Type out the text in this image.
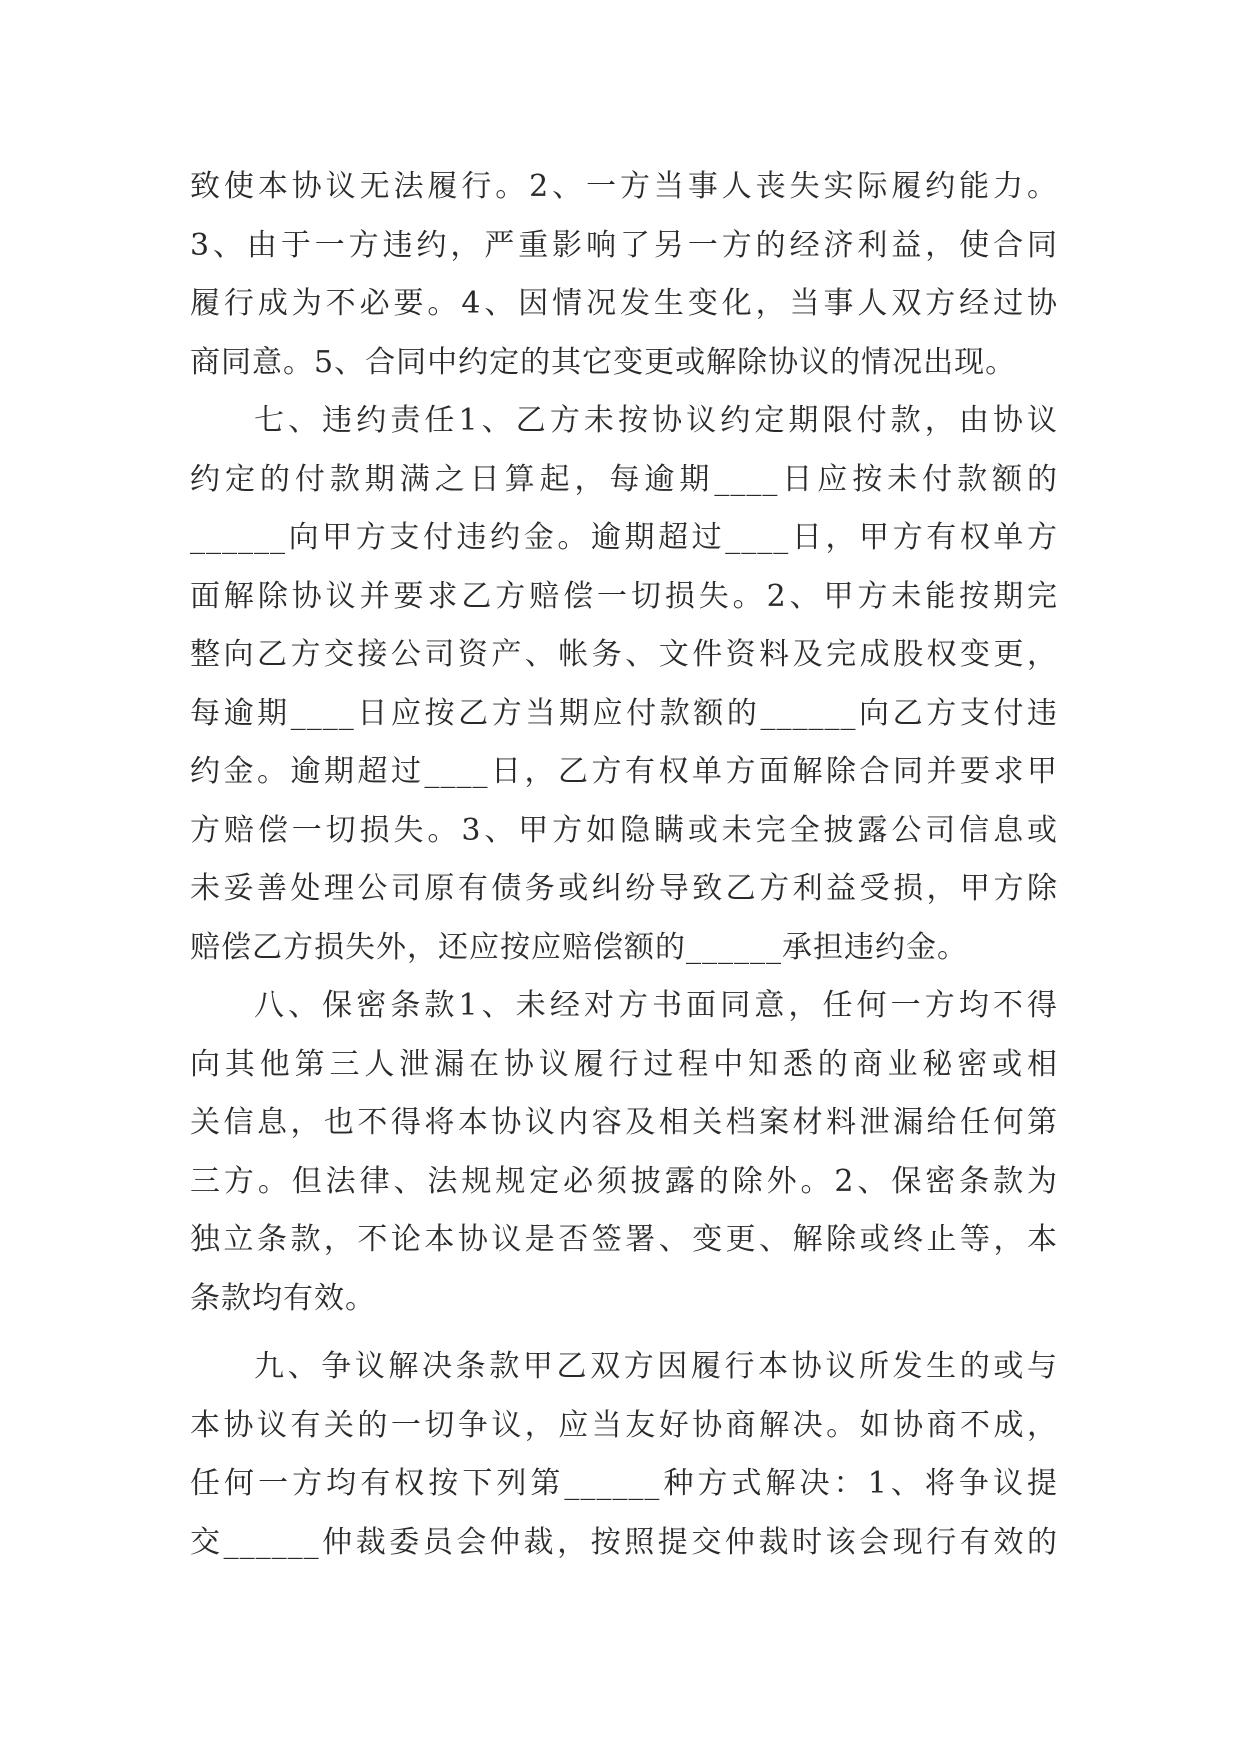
致使本协议无法履行。2、一方当事人丧失实际履约能力。
3、由于一方违约，严重影响了另一方的经济利益，使合同
履行成为不必要。4、因情况发生变化，当事人双方经过协
商同意。5、合同中约定的其它变更或解除协议的情况出现。
七、违约责任1、乙方未按协议约定期限付款，由协议
约定的付款期满之日算起，每逾期____日应按未付款额的
______向甲方支付违约金。逾期超过____日，甲方有权单方
面解除协议并要求乙方赔偿一切损失。2、甲方未能按期完
整向乙方交接公司资产、帐务、文件资料及完成股权变更，
每逾期____日应按乙方当期应付款额的______向乙方支付违
约金。逾期超过____日，乙方有权单方面解除合同并要求甲
方赔偿一切损失。3、甲方如隐瞒或未完全披露公司信息或
未妥善处理公司原有债务或纠纷导致乙方利益受损，甲方除
赔偿乙方损失外，还应按应赔偿额的______承担违约金。
八、保密条款1、未经对方书面同意，任何一方均不得
向其他第三人泄漏在协议履行过程中知悉的商业秘密或相
关信息，也不得将本协议内容及相关档案材料泄漏给任何第
三方。但法律、法规规定必须披露的除外。2、保密条款为
独立条款，不论本协议是否签署、变更、解除或终止等，本
条款均有效。
九、争议解决条款甲乙双方因履行本协议所发生的或与
本协议有关的一切争议，应当友好协商解决。如协商不成，
任何一方均有权按下列第______种方式解决：1、将争议提
交______仲裁委员会仲裁，按照提交仲裁时该会现行有效的
